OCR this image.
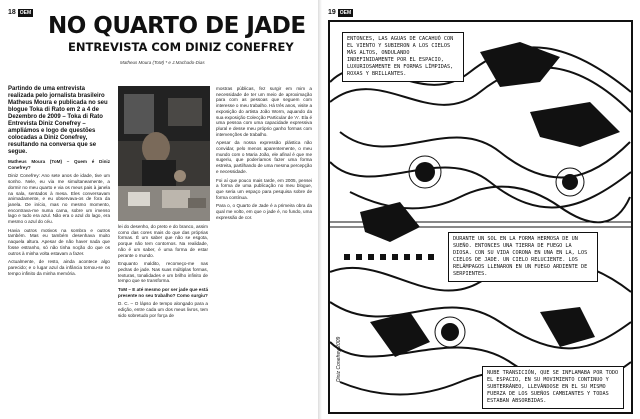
18 OEM NO QUARTO DE JADE
ENTREVISTA COM DINIZ CONEFREY
Matheus Moura (ToM) * e J.Machado-Dias

Partindo de uma entrevista realizada pelo jornalista brasileiro Matheus Moura e publicada no seu blogue Toka di Rato em 2 a 4 de Dezembro de 2009 – Toka di Rato Entrevista Diniz Conefrey – ampliámos e logo de questões colocadas a Diniz Conefrey, resultando na conversa que se segue.

Matheus Moura (ToM) – Quem é Diniz Conefrey?

Diniz Conefrey: Ano sete anos de idade, tive um sonho. Nele, eu via me simultaneamente, a dormir no meu quarto e via os meus pais à janela na sala, sentados à mesa. Eles conversavam animadamente, e eu observava-os de fora da janela. De início, mas no mesmo momento, encontrava-me numa cama, sobre um imenso lago e tudo era azul. Não era o azul do lago, era mesmo o azul do céu.

Havia outros motivos na sombra e outros também. Mas eu também desenhava muito naquela altura. Apesar de não haver nada que fosse estranho, só não tinha noção do que os outros à minha volta estavam a fazer.

Actualmente, de resto, ainda acontece algo parecido; e o lugar azul da infância tornou-se no tempo infinito da minha memória.

lei do desenho, do preto e do branco, assim como das cores mais do que das próprias formas. É um saber que não se esgota, porque não tem contornos. Na realidade, não é um saber, é uma forma de estar perante o mundo.

Enquanto maldito, recomeço-me nas pedras de jade. Nas suas múltiplas formas, texturas, tonalidades e um brilho infinito de tempo que se transforma.

ToM – E até mesmo por ser jade que está presente no seu trabalho? Como surgiu?

D. C. – O lápso de tempo alongado para a edição, entre cada um dos meus livros, tem sido sobretudo por força de

mostras públicas, fez surgir em mim a necessidade de ter um meio de aproximação para com as pessoas que seguem com interesse o meu trabalho. Há três anos, visite a exposição do artista João Worm, aquando da sua exposição Colecção Particular de 'A'. Ela é uma pessoa com uma capacidade expressiva plural e desse meu próprio ganho formas com intervenções de trabalho.

Apesar da nossa expressão plástica não convidar, pelo menos aparentemente, o meu mundo com o Maria João, ele afinal é que me sugeriu, que poderíamos fazer uma forma estreita, partilhando de uma mesma percepção e necessidade.

Foi aí que pouco mais tarde, em 2005, pensei a forma de uma publicação no meu blogue, que seria um espaço para pesquisa sobre de forma contínua.

Para o, o Quarto de Jade é a primeira obra da qual me volto, em que o jade é, no fundo, uma expressão de cor.

19 OEM
ENTONCES, LAS AGUAS DE CACAHUÓ CON EL VIENTO Y SUBIERON A LOS CIELOS MÁS ALTOS, ONDULANDO INDEFINIDAMENTE POR EL ESPACIO, LUXURIOSAMENTE EN FORMAS LÍMPIDAS, ROXAS Y BRILLANTES.
DURANTE UN SOL EN LA FORMA HERMOSA DE UN SUEÑO. ENTONCES UNA TIERRA DE FUEGO LA DIOSA. CON SU VIDA CORONA EN UNA EN LA, LOS CIELOS DE JADE. UN CIELO RELUCIENTE. LOS RELÁMPAGOS LLENARON EN UN FUEGO ARDIENTE DE SERPIENTES.
NUBE TRANSICIÓN, QUE SE INFLAMABA POR TODO EL ESPACIO, EN SU MOVIMIENTO CONTINUO Y SUBTERRÁNEO, LLEVÁNDOSE EN EL SU MISMO FUERZA DE LOS SUEÑOS CAMBIANTES Y TODAS ESTABAN ABSORBIDAS.
Diniz Conefrey 2009
